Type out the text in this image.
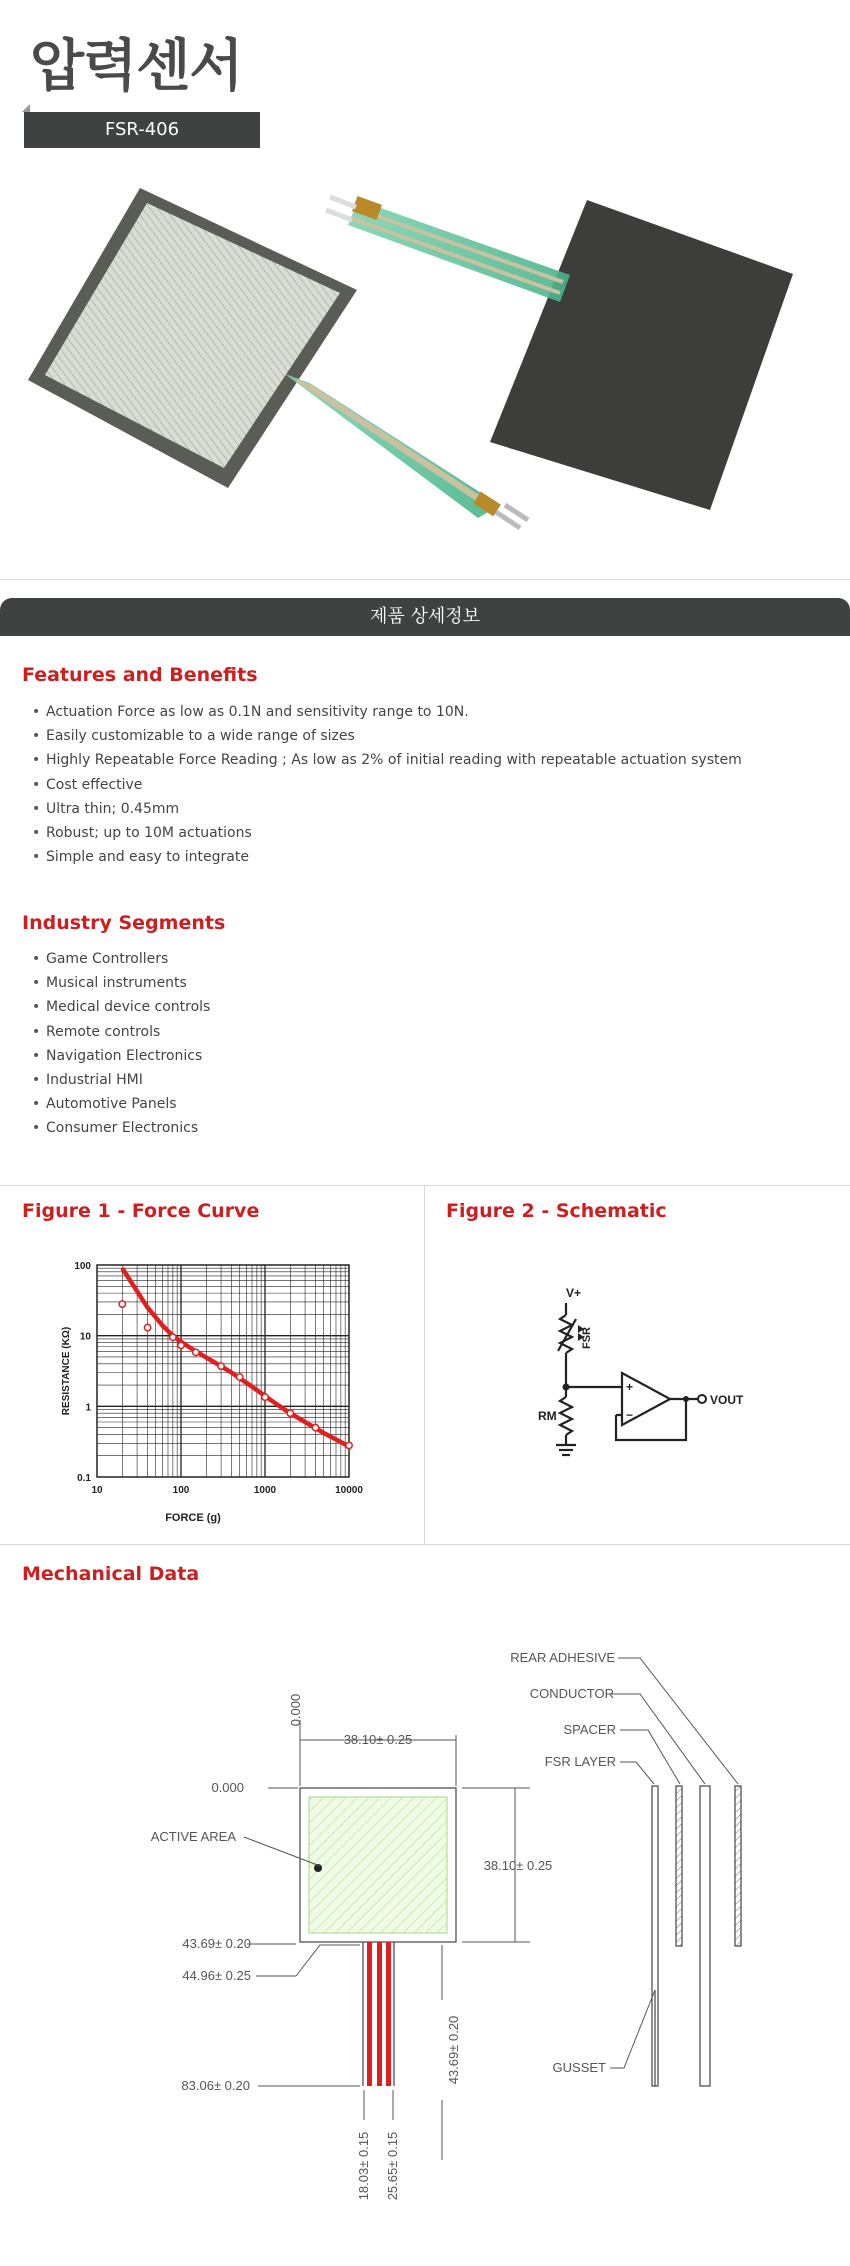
압력센서
FSR-406
제품 상세정보
Features and Benefits
• Actuation Force as low as 0.1N and sensitivity range to 10N.
• Easily customizable to a wide range of sizes
• Highly Repeatable Force Reading ; As low as 2% of initial reading with repeatable actuation system
• Cost effective
• Ultra thin; 0.45mm
• Robust; up to 10M actuations
• Simple and easy to integrate
Industry Segments
• Game Controllers
• Musical instruments
• Medical device controls
• Remote controls
• Navigation Electronics
• Industrial HMI
• Automotive Panels
• Consumer Electronics
Figure 1 - Force Curve
10	100	1000	10000
100
10
1
0.1
FORCE (g)
RESISTANCE (KΩ)
Figure 2 - Schematic
V+
FSR
RM
VOUT
+
−
Mechanical Data
0.000
38.10± 0.25
0.000
ACTIVE AREA
38.10± 0.25
43.69± 0.20
44.96± 0.25
43.69± 0.20
83.06± 0.20
18.03± 0.15 25.65± 0.15
REAR ADHESIVE
CONDUCTOR
SPACER
FSR LAYER
GUSSET
